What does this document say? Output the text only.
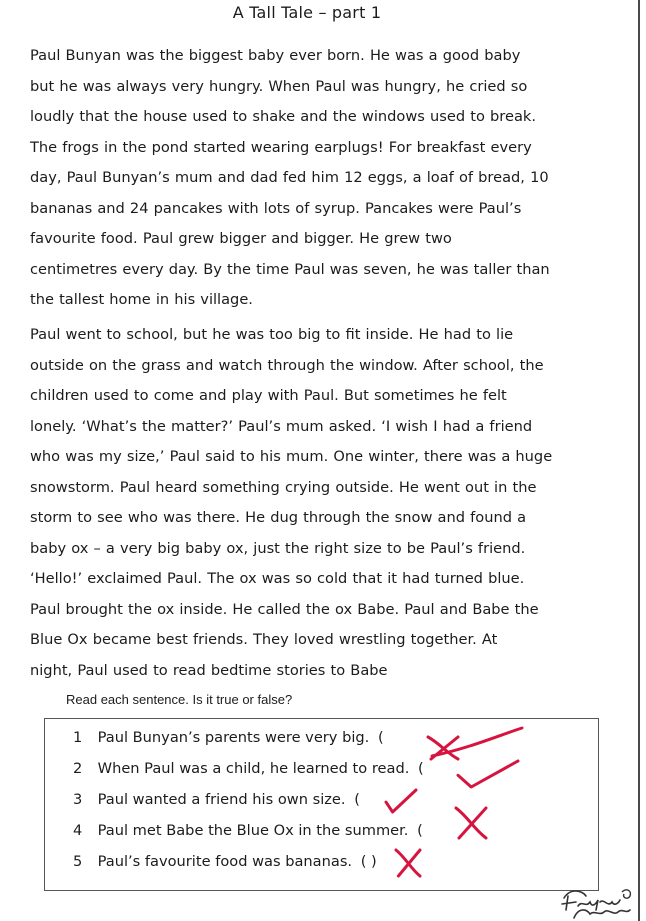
A Tall Tale – part 1
Paul Bunyan was the biggest baby ever born. He was a good baby
but he was always very hungry. When Paul was hungry, he cried so
loudly that the house used to shake and the windows used to break.
The frogs in the pond started wearing earplugs! For breakfast every
day, Paul Bunyan’s mum and dad fed him 12 eggs, a loaf of bread, 10
bananas and 24 pancakes with lots of syrup. Pancakes were Paul’s
favourite food. Paul grew bigger and bigger. He grew two
centimetres every day. By the time Paul was seven, he was taller than
the tallest home in his village.
Paul went to school, but he was too big to fit inside. He had to lie
outside on the grass and watch through the window. After school, the
children used to come and play with Paul. But sometimes he felt
lonely. ‘What’s the matter?’ Paul’s mum asked. ‘I wish I had a friend
who was my size,’ Paul said to his mum. One winter, there was a huge
snowstorm. Paul heard something crying outside. He went out in the
storm to see who was there. He dug through the snow and found a
baby ox – a very big baby ox, just the right size to be Paul’s friend.
‘Hello!’ exclaimed Paul. The ox was so cold that it had turned blue.
Paul brought the ox inside. He called the ox Babe. Paul and Babe the
Blue Ox became best friends. They loved wrestling together. At
night, Paul used to read bedtime stories to Babe
Read each sentence. Is it true or false?
1 Paul Bunyan’s parents were very big. (
2 When Paul was a child, he learned to read. (
3 Paul wanted a friend his own size. (
4 Paul met Babe the Blue Ox in the summer. (
5 Paul’s favourite food was bananas. ( )
